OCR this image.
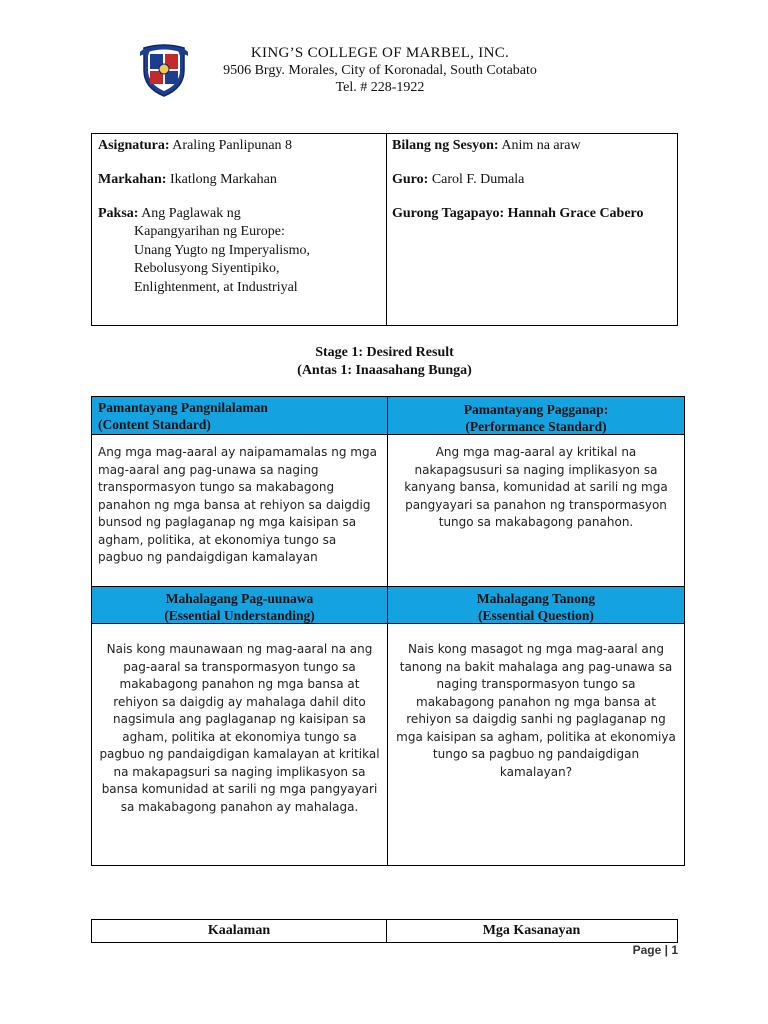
KING’S COLLEGE OF MARBEL, INC.
9506 Brgy. Morales, City of Koronadal, South Cotabato
Tel. # 228-1922
Asignatura: Araling Panlipunan 8
Markahan: Ikatlong Markahan
Paksa: Ang Paglawak ng
Kapangyarihan ng Europe:
Unang Yugto ng Imperyalismo,
Rebolusyong Siyentipiko,
Enlightenment, at Industriyal
Bilang ng Sesyon: Anim na araw
Guro: Carol F. Dumala
Gurong Tagapayo: Hannah Grace Cabero
Stage 1: Desired Result
(Antas 1: Inaasahang Bunga)
Pamantayang Pangnilalaman
(Content Standard)
Pamantayang Pagganap:
(Performance Standard)
Ang mga mag-aaral ay naipamamalas ng mga
mag-aaral ang pag-unawa sa naging
transpormasyon tungo sa makabagong
panahon ng mga bansa at rehiyon sa daigdig
bunsod ng paglaganap ng mga kaisipan sa
agham, politika, at ekonomiya tungo sa
pagbuo ng pandaigdigan kamalayan
Ang mga mag-aaral ay kritikal na
nakapagsusuri sa naging implikasyon sa
kanyang bansa, komunidad at sarili ng mga
pangyayari sa panahon ng transpormasyon
tungo sa makabagong panahon.
Mahalagang Pag-uunawa
(Essential Understanding)
Mahalagang Tanong
(Essential Question)
Nais kong maunawaan ng mag-aaral na ang
pag-aaral sa transpormasyon tungo sa
makabagong panahon ng mga bansa at
rehiyon sa daigdig ay mahalaga dahil dito
nagsimula ang paglaganap ng kaisipan sa
agham, politika at ekonomiya tungo sa
pagbuo ng pandaigdigan kamalayan at kritikal
na makapagsuri sa naging implikasyon sa
bansa komunidad at sarili ng mga pangyayari
sa makabagong panahon ay mahalaga.
Nais kong masagot ng mga mag-aaral ang
tanong na bakit mahalaga ang pag-unawa sa
naging transpormasyon tungo sa
makabagong panahon ng mga bansa at
rehiyon sa daigdig sanhi ng paglaganap ng
mga kaisipan sa agham, politika at ekonomiya
tungo sa pagbuo ng pandaigdigan
kamalayan?
Kaalaman	Mga Kasanayan
Page | 1
